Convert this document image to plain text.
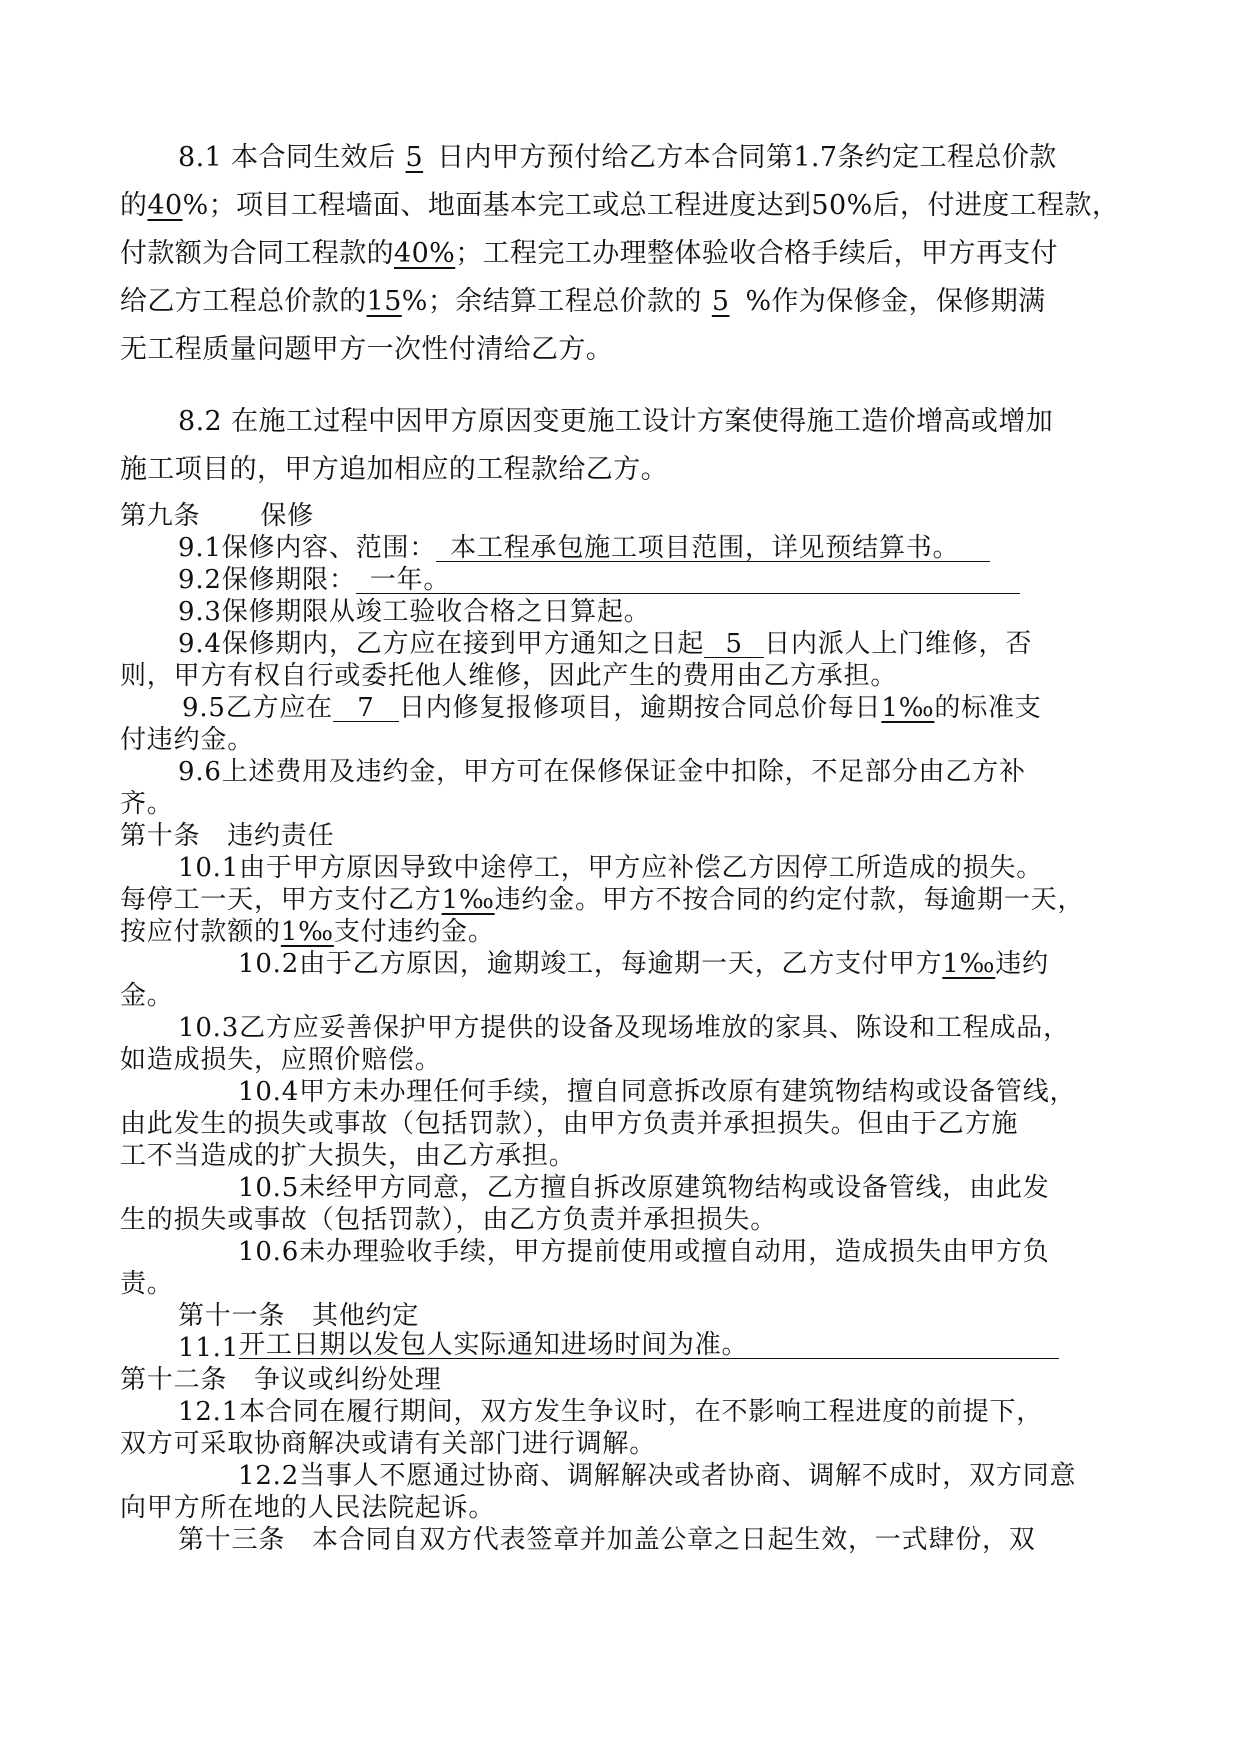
8.1 本合同生效后 5 日内甲方预付给乙方本合同第1.7条约定工程总价款
的40%；项目工程墙面、地面基本完工或总工程进度达到50%后，付进度工程款，
付款额为合同工程款的40%；工程完工办理整体验收合格手续后，甲方再支付
给乙方工程总价款的15%；余结算工程总价款的 5 %作为保修金，保修期满
无工程质量问题甲方一次性付清给乙方。
8.2 在施工过程中因甲方原因变更施工设计方案使得施工造价增高或增加
施工项目的，甲方追加相应的工程款给乙方。
第九条 保修
9.1保修内容、范围： 本工程承包施工项目范围，详见预结算书。
9.2保修期限： 一年。
9.3保修期限从竣工验收合格之日算起。
9.4保修期内，乙方应在接到甲方通知之日起 5 日内派人上门维修，否
则，甲方有权自行或委托他人维修，因此产生的费用由乙方承担。
9.5乙方应在 7 日内修复报修项目，逾期按合同总价每日1‰的标准支
付违约金。
9.6上述费用及违约金，甲方可在保修保证金中扣除，不足部分由乙方补
齐。
第十条　违约责任
10.1由于甲方原因导致中途停工，甲方应补偿乙方因停工所造成的损失。
每停工一天，甲方支付乙方1‰违约金。甲方不按合同的约定付款，每逾期一天，
按应付款额的1‰支付违约金。
10.2由于乙方原因，逾期竣工，每逾期一天，乙方支付甲方1‰违约
金。
10.3乙方应妥善保护甲方提供的设备及现场堆放的家具、陈设和工程成品，
如造成损失，应照价赔偿。
10.4甲方未办理任何手续，擅自同意拆改原有建筑物结构或设备管线，
由此发生的损失或事故（包括罚款），由甲方负责并承担损失。但由于乙方施
工不当造成的扩大损失，由乙方承担。
10.5未经甲方同意，乙方擅自拆改原建筑物结构或设备管线，由此发
生的损失或事故（包括罚款），由乙方负责并承担损失。
10.6未办理验收手续，甲方提前使用或擅自动用，造成损失由甲方负
责。
第十一条　其他约定
11.1开工日期以发包人实际通知进场时间为准。
第十二条　争议或纠纷处理
12.1本合同在履行期间，双方发生争议时，在不影响工程进度的前提下，
双方可采取协商解决或请有关部门进行调解。
12.2当事人不愿通过协商、调解解决或者协商、调解不成时，双方同意
向甲方所在地的人民法院起诉。
第十三条　本合同自双方代表签章并加盖公章之日起生效，一式肆份，双
